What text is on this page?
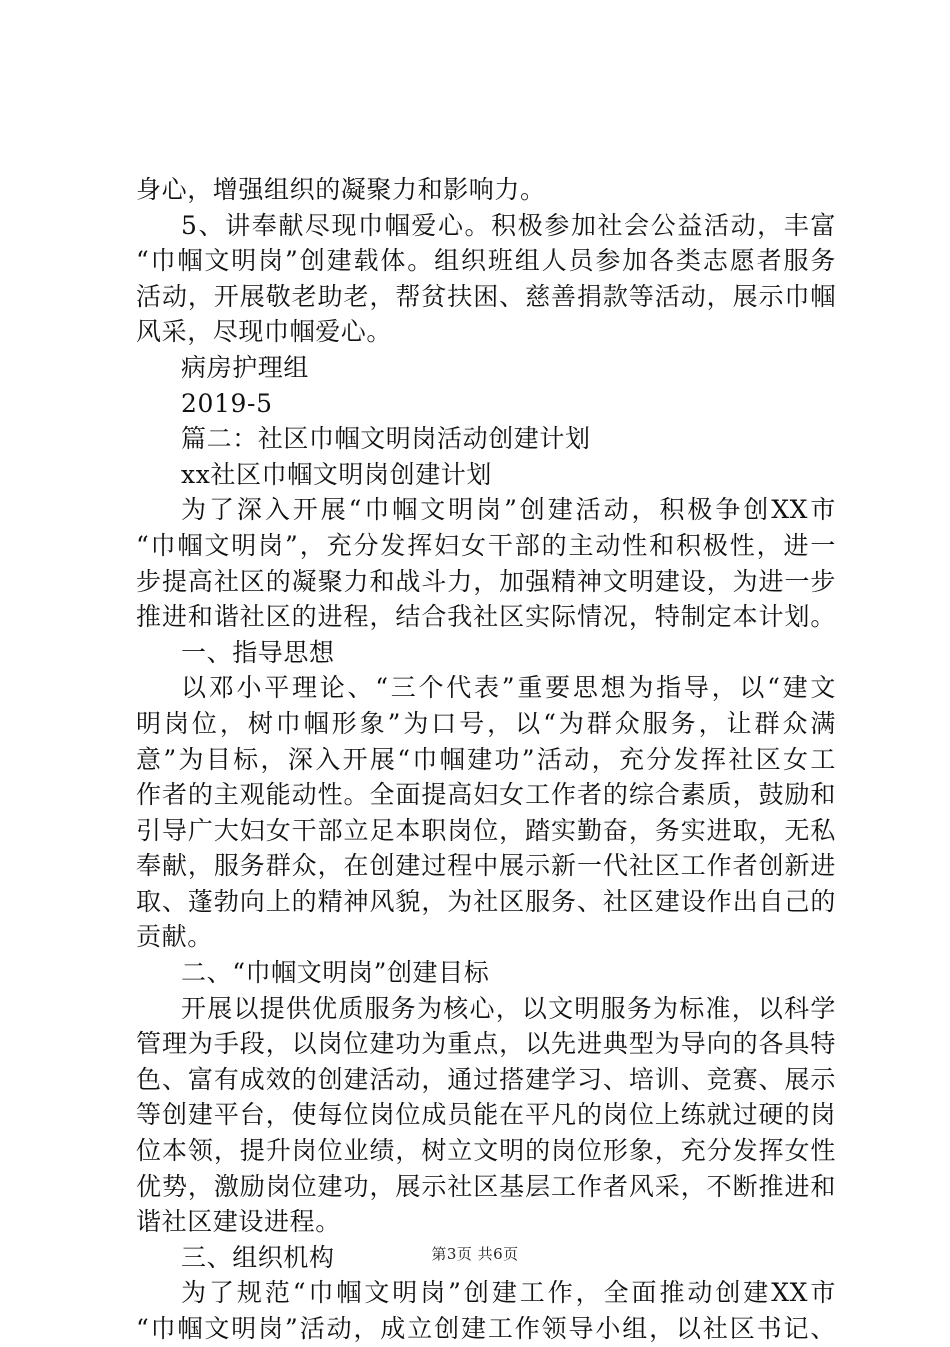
身心，增强组织的凝聚力和影响力。
5、讲奉献尽现巾帼爱心。积极参加社会公益活动，丰富
“巾帼文明岗”创建载体。组织班组人员参加各类志愿者服务
活动，开展敬老助老，帮贫扶困、慈善捐款等活动，展示巾帼
风采，尽现巾帼爱心。
病房护理组
2019-5
篇二：社区巾帼文明岗活动创建计划
xx社区巾帼文明岗创建计划
为了深入开展“巾帼文明岗”创建活动，积极争创XX市
“巾帼文明岗”，充分发挥妇女干部的主动性和积极性，进一
步提高社区的凝聚力和战斗力，加强精神文明建设，为进一步
推进和谐社区的进程，结合我社区实际情况，特制定本计划。
一、指导思想
以邓小平理论、“三个代表”重要思想为指导，以“建文
明岗位，树巾帼形象”为口号，以“为群众服务，让群众满
意”为目标，深入开展“巾帼建功”活动，充分发挥社区女工
作者的主观能动性。全面提高妇女工作者的综合素质，鼓励和
引导广大妇女干部立足本职岗位，踏实勤奋，务实进取，无私
奉献，服务群众，在创建过程中展示新一代社区工作者创新进
取、蓬勃向上的精神风貌，为社区服务、社区建设作出自己的
贡献。
二、“巾帼文明岗”创建目标
开展以提供优质服务为核心，以文明服务为标准，以科学
管理为手段，以岗位建功为重点，以先进典型为导向的各具特
色、富有成效的创建活动，通过搭建学习、培训、竞赛、展示
等创建平台，使每位岗位成员能在平凡的岗位上练就过硬的岗
位本领，提升岗位业绩，树立文明的岗位形象，充分发挥女性
优势，激励岗位建功，展示社区基层工作者风采，不断推进和
谐社区建设进程。
三、组织机构
为了规范“巾帼文明岗”创建工作，全面推动创建XX市
“巾帼文明岗”活动，成立创建工作领导小组，以社区书记、
第3页 共6页
